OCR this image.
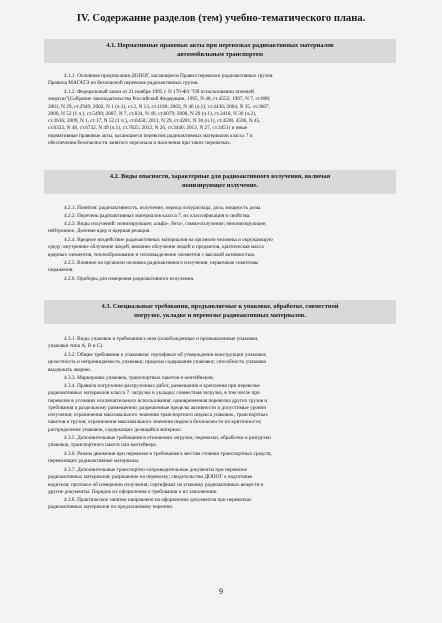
IV. Содержание разделов (тем) учебно-тематического плана.
4.1. Нормативные правовые акты при перевозках радиоактивных материалов
автомобильным транспортом
4.1.1. Основные предписания ДОПОГ, касающиеся Правил перевозки радиоактивных грузов.
Правила МАГАТЭ по безопасной перевозке радиоактивных грузов.
4.1.2. Федеральный закон от 21 ноября 1995 г. N 170-ФЗ "Об использовании атомной
энергии"(Собрание законодательства Российской Федерации, 1995, N 48, ст.4552; 1997, N 7, ст.808;
2001, N 29, ст.2949; 2002, N 1 (ч.1), ст.2, N 13, ст.1180; 2003, N 46 (ч.1), ст.4436; 2004, N 35, ст.3607,
2006, N 52 (1 ч.), ст.5498; 2007, N 7, ст.834, N 49, ст.6079; 2008, N 29 (ч.1), ст.3418, N 30 (ч.2),
ст.3616; 2009, N 1, ст.17, N 52 (1 ч.), ст.6450; 2011, N 29, ст.4281, N 30 (ч.1), ст.4590, 4596, N 45,
ст.6333, N 48, ст.6732, N 49 (ч.1), ст.7025; 2012, N 26, ст.3446; 2013, N 27, ст.3451) и иные
нормативные правовые акты, касающиеся перевозок радиоактивных материалов класса 7 и
обеспечения безопасности занятого персонала и населения при таких перевозках.
4.2. Виды опасности, характерные для радиоактивного излучения, включая
ионизирующее излучение.
4.2.1. Понятия: радиоактивность, излучение, период полураспада, доза, мощность дозы.
4.2.2. Перечень радиоактивных материалов класса 7, их классификация и свойства.
4.2.3. Виды излучений: ионизирующее; альфа-, бета-, гамма-излучение; неионизирующее;
нейтронное. Деление ядер и ядерная реакция.
4.2.4. Вредное воздействие радиоактивных материалов на организм человека и окружающую
среду: внутреннее облучение людей, внешнее облучение людей и предметов, критическая масса
ядерных элементов, теплообразование и тепловыделение элементов с высокой активностью.
4.2.5. Влияние на организм человека радиоактивного излучения, первичные симптомы
поражения.
4.2.6. Приборы для измерения радиоактивного излучения.
4.3. Специальные требования, предъявляемые к упаковке, обработке, совместной
погрузке, укладке и перевозке радиоактивных материалов.
4.3.1. Виды упаковок и требования к ним (освобожденные и промышленные упаковки,
упаковки типа A, B и C).
4.3.2. Общие требования к упаковкам: сертификат об утверждении конструкции упаковки;
целостность и непроницаемость упаковки; пределы содержания упаковки; способность упаковки
выдержать аварию.
4.3.3. Маркировка упаковок, транспортных пакетов и контейнеров.
4.3.4. Правила погрузочно-разгрузочных работ, размещения и крепления при перевозке
радиоактивных материалов класса 7: загрузка и укладка; совместная загрузка, в том числе при
перевозке в условиях исключительного использования; одновременная перевозка других грузов и
требования к раздельному размещению; разрешенные пределы активности и допустимые уровни
излучения; ограничения максимального значения транспортного индекса упаковок, транспортных
пакетов и грузов; ограничения максимального значения индекса безопасности по критичности;
распределение упаковок, содержащих делящийся материал.
4.3.5. Дополнительные требования в отношении загрузки, перевозки, обработки и разгрузки
упаковок, транспортного пакета или контейнера.
4.3.6. Режим движения при перевозке и требования к местам стоянки транспортных средств,
перевозящих радиоактивные материалы.
4.3.7. Дополнительные транспортно-сопроводительные документы при перевозке
радиоактивных материалов: разрешение на перевозку; свидетельство ДОПОГ о подготовке
водителя; протокол об измерении излучения; сертификат на упаковку радиоактивных веществ и
другие документы. Порядок их оформления и требования к их заполнению.
4.3.8. Практическое занятие направлено на оформление документов при перевозках
радиоактивных материалов по предлагаемому перечню.
9
